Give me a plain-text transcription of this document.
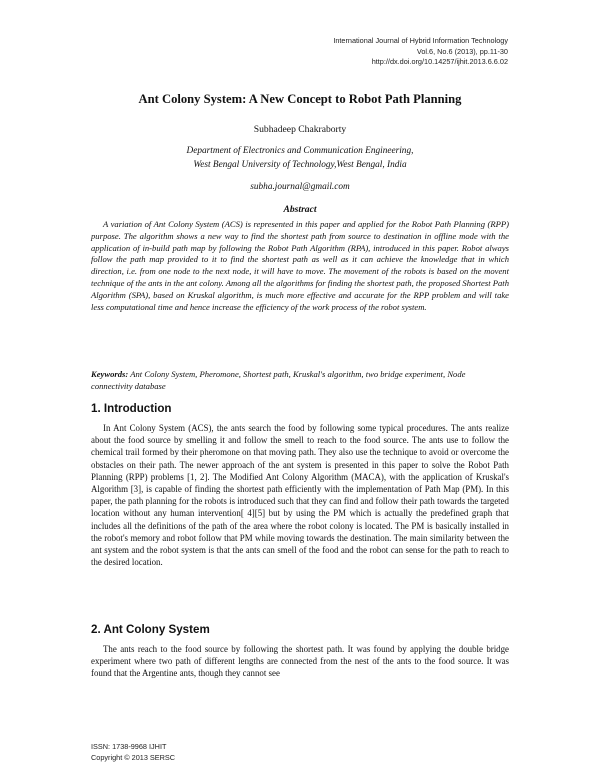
International Journal of Hybrid Information Technology
Vol.6, No.6 (2013), pp.11-30
http://dx.doi.org/10.14257/ijhit.2013.6.6.02
Ant Colony System: A New Concept to Robot Path Planning
Subhadeep Chakraborty
Department of Electronics and Communication Engineering,
West Bengal University of Technology,West Bengal, India
subha.journal@gmail.com
Abstract

A variation of Ant Colony System (ACS) is represented in this paper and applied for the Robot Path Planning (RPP) purpose. The algorithm shows a new way to find the shortest path from source to destination in offline mode with the application of in-build path map by following the Robot Path Algorithm (RPA), introduced in this paper. Robot always follow the path map provided to it to find the shortest path as well as it can achieve the knowledge that in which direction, i.e. from one node to the next node, it will have to move. The movement of the robots is based on the movent technique of the ants in the ant colony. Among all the algorithms for finding the shortest path, the proposed Shortest Path Algorithm (SPA), based on Kruskal algorithm, is much more effective and accurate for the RPP problem and will take less computational time and hence increase the efficiency of the work process of the robot system.

Keywords: Ant Colony System, Pheromone, Shortest path, Kruskal's algorithm, two bridge experiment, Node connectivity database

1. Introduction

In Ant Colony System (ACS), the ants search the food by following some typical procedures. The ants realize about the food source by smelling it and follow the smell to reach to the food source. The ants use to follow the chemical trail formed by their pheromone on that moving path. They also use the technique to avoid or overcome the obstacles on their path. The newer approach of the ant system is presented in this paper to solve the Robot Path Planning (RPP) problems [1, 2]. The Modified Ant Colony Algorithm (MACA), with the application of Kruskal's Algorithm [3], is capable of finding the shortest path efficiently with the implementation of Path Map (PM). In this paper, the path planning for the robots is introduced such that they can find and follow their path towards the targeted location without any human intervention[ 4][5] but by using the PM which is actually the predefined graph that includes all the definitions of the path of the area where the robot colony is located. The PM is basically installed in the robot's memory and robot follow that PM while moving towards the destination. The main similarity between the ant system and the robot system is that the ants can smell of the food and the robot can sense for the path to reach to the desired location.

2. Ant Colony System

The ants reach to the food source by following the shortest path. It was found by applying the double bridge experiment where two path of different lengths are connected from the nest of the ants to the food source. It was found that the Argentine ants, though they cannot see

ISSN: 1738-9968 IJHIT
Copyright © 2013 SERSC
